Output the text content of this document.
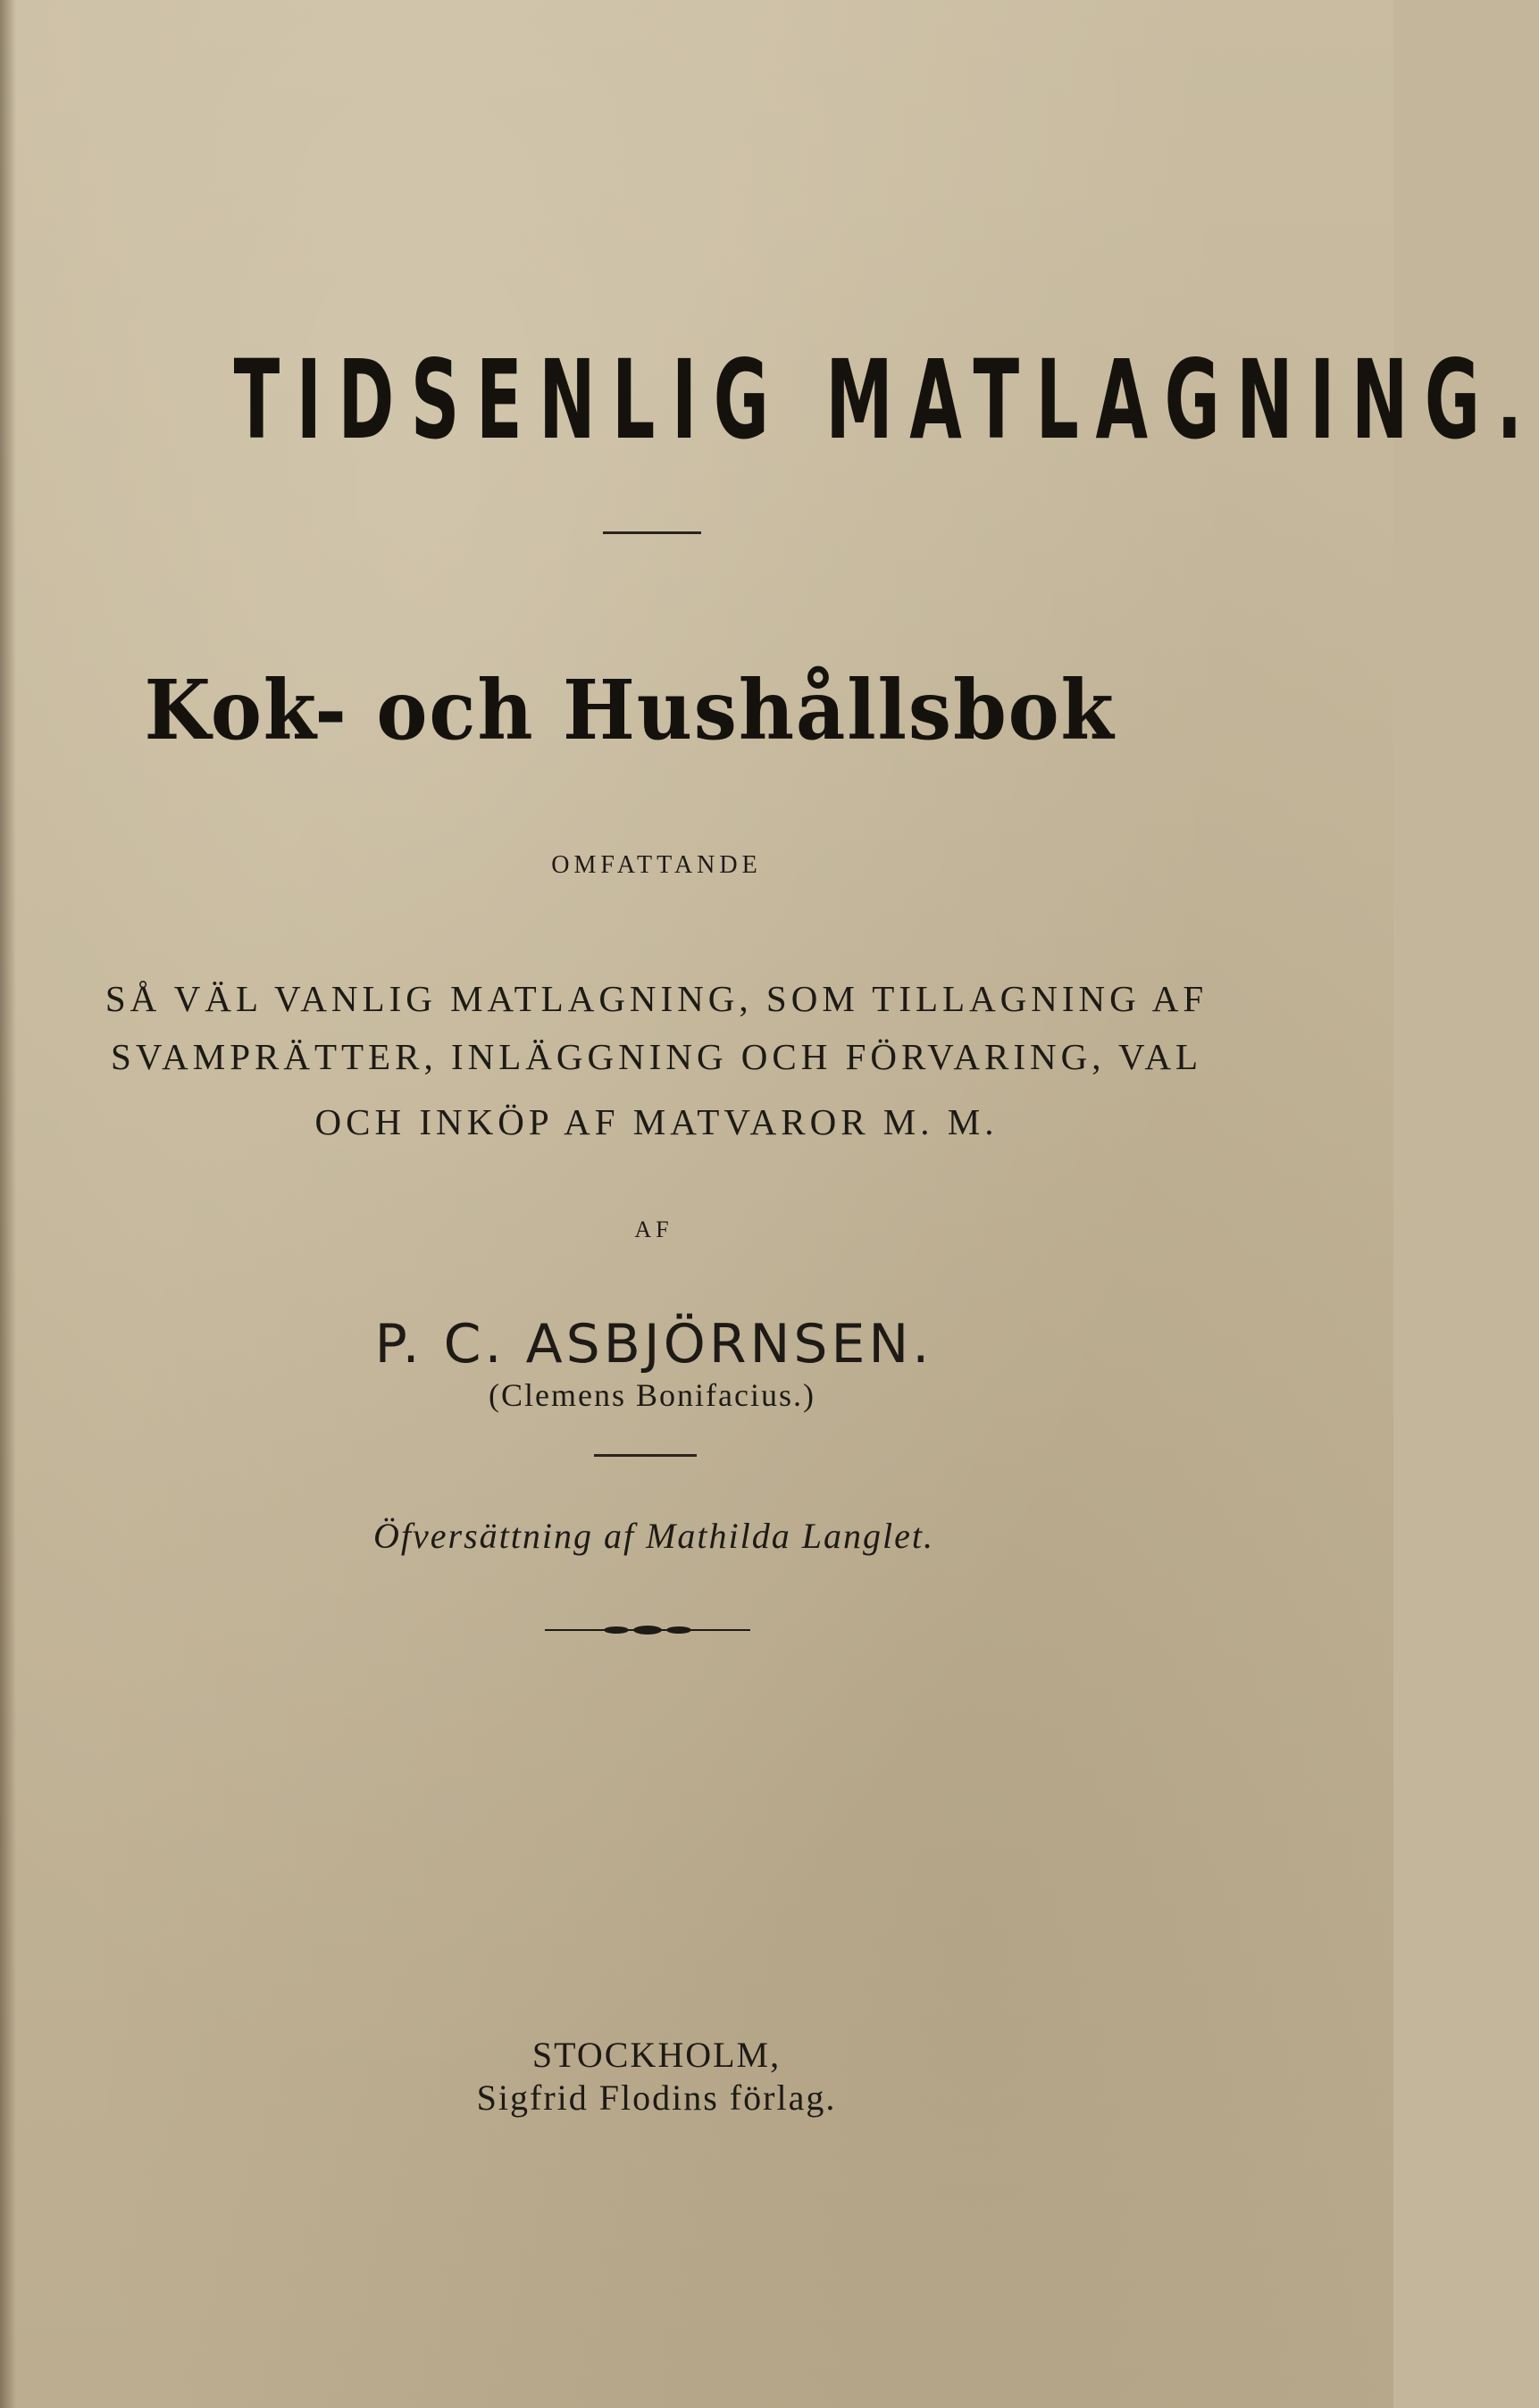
TIDSENLIG MATLAGNING.
Kok- och Hushållsbok
OMFATTANDE
SÅ VÄL VANLIG MATLAGNING, SOM TILLAGNING AF
SVAMPRÄTTER, INLÄGGNING OCH FÖRVARING, VAL
OCH INKÖP AF MATVAROR M. M.
AF
P. C. ASBJÖRNSEN.
(Clemens Bonifacius.)
Öfversättning af Mathilda Langlet.
STOCKHOLM,
Sigfrid Flodins förlag.
